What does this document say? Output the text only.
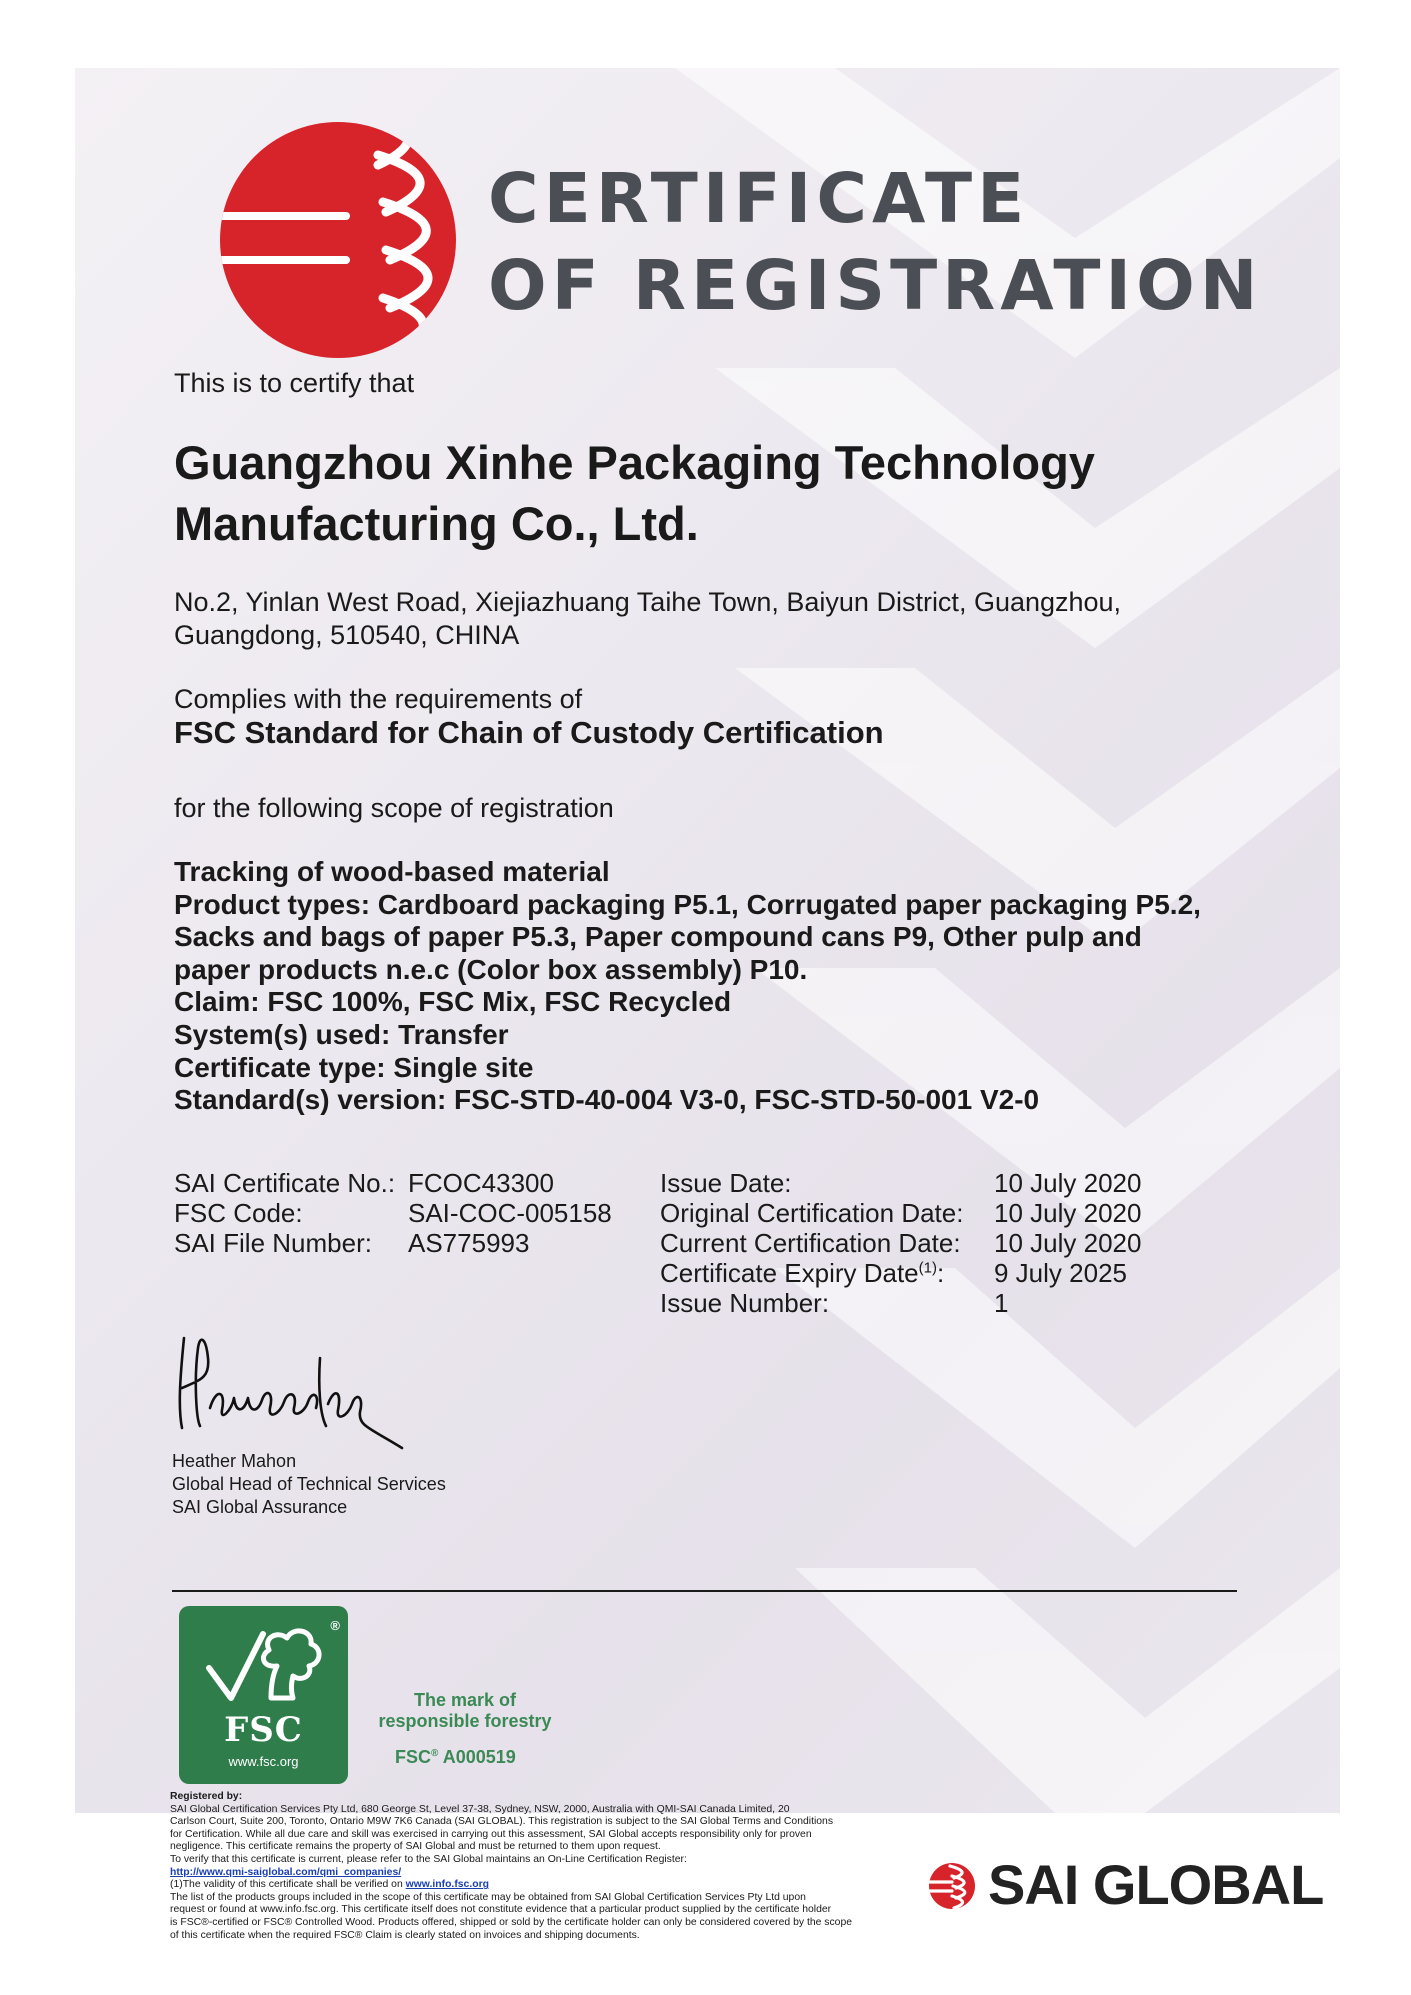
CERTIFICATE
OF REGISTRATION
This is to certify that
Guangzhou Xinhe Packaging Technology
Manufacturing Co., Ltd.
No.2, Yinlan West Road, Xiejiazhuang Taihe Town, Baiyun District, Guangzhou,
Guangdong, 510540, CHINA
Complies with the requirements of
FSC Standard for Chain of Custody Certification
for the following scope of registration
Tracking of wood-based material
Product types: Cardboard packaging P5.1, Corrugated paper packaging P5.2,
Sacks and bags of paper P5.3, Paper compound cans P9, Other pulp and
paper products n.e.c (Color box assembly) P10.
Claim: FSC 100%, FSC Mix, FSC Recycled
System(s) used: Transfer
Certificate type: Single site
Standard(s) version: FSC-STD-40-004 V3-0, FSC-STD-50-001 V2-0
SAI Certificate No.:
FSC Code:
SAI File Number:
FCOC43300
SAI-COC-005158
AS775993
Issue Date:
Original Certification Date:
Current Certification Date:
Certificate Expiry Date$^{(1)}$:
Issue Number:
10 July 2020
10 July 2020
10 July 2020
9 July 2025
1
Heather Mahon
Global Head of Technical Services
SAI Global Assurance
®
FSC
www.fsc.org
The mark of
responsible forestry
FSC® A000519
Registered by:
SAI Global Certification Services Pty Ltd, 680 George St, Level 37-38, Sydney, NSW, 2000, Australia with QMI-SAI Canada Limited, 20
Carlson Court, Suite 200, Toronto, Ontario M9W 7K6 Canada (SAI GLOBAL). This registration is subject to the SAI Global Terms and Conditions
for Certification. While all due care and skill was exercised in carrying out this assessment, SAI Global accepts responsibility only for proven
negligence. This certificate remains the property of SAI Global and must be returned to them upon request.
To verify that this certificate is current, please refer to the SAI Global maintains an On-Line Certification Register:
http://www.qmi-saiglobal.com/qmi_companies/
(1)The validity of this certificate shall be verified on www.info.fsc.org
The list of the products groups included in the scope of this certificate may be obtained from SAI Global Certification Services Pty Ltd upon
request or found at www.info.fsc.org. This certificate itself does not constitute evidence that a particular product supplied by the certificate holder
is FSC®-certified or FSC® Controlled Wood. Products offered, shipped or sold by the certificate holder can only be considered covered by the scope
of this certificate when the required FSC® Claim is clearly stated on invoices and shipping documents.
SAI GLOBAL
